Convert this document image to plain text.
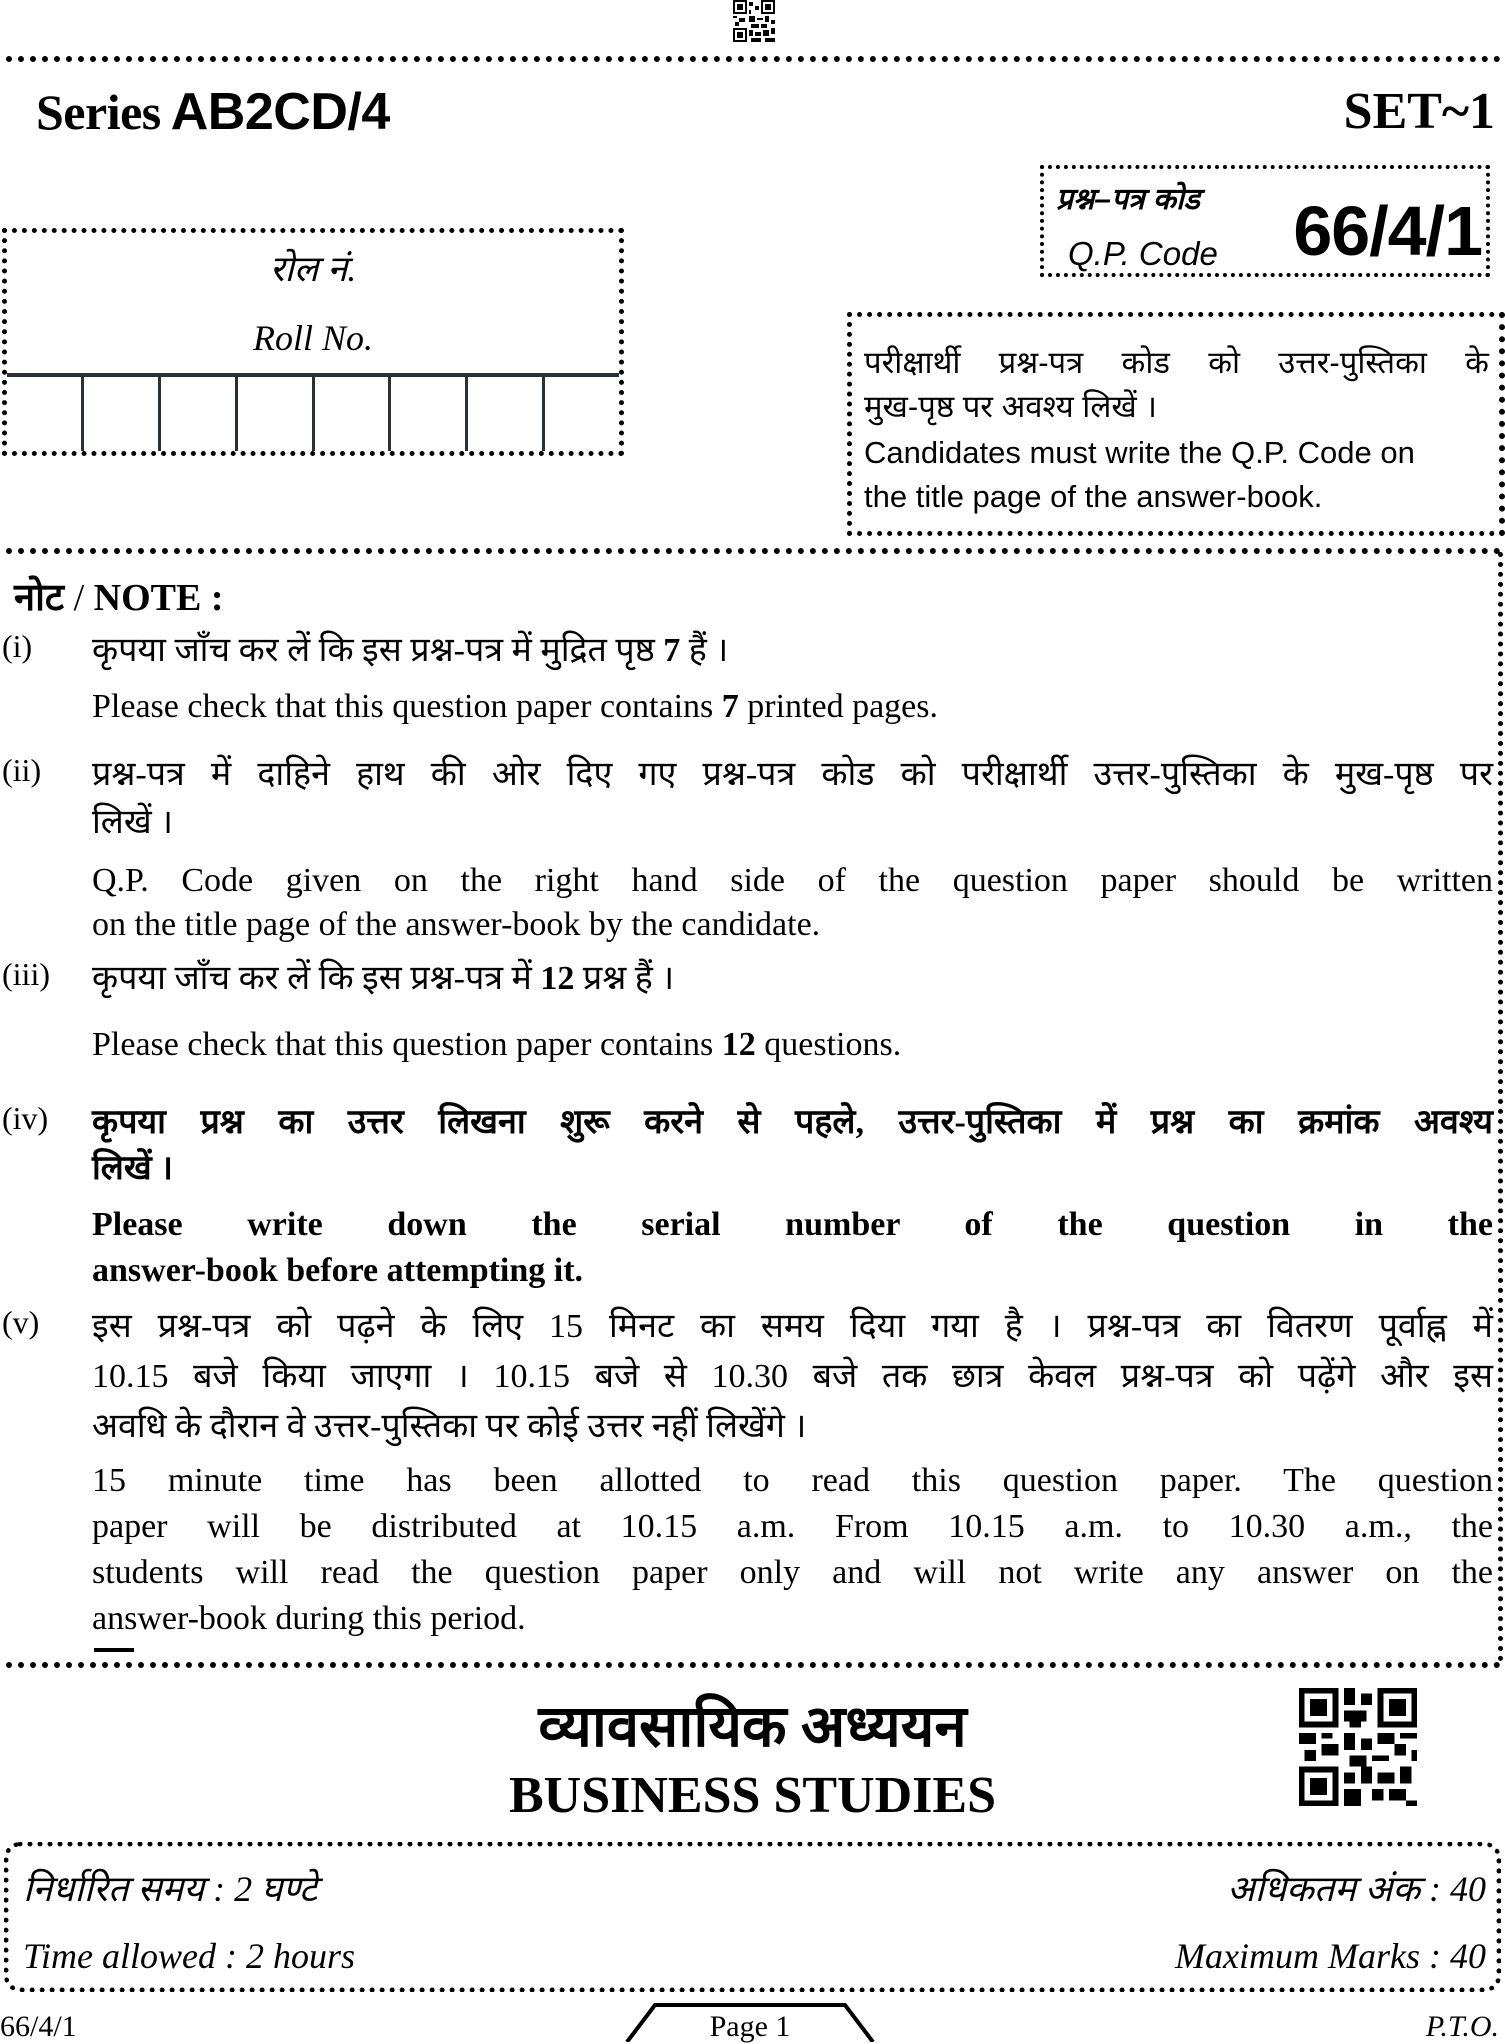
Series AB2CD/4	SET~1
प्रश्न–पत्र कोड
Q.P. Code 66/4/1
रोल नं.
Roll No.
परीक्षार्थी प्रश्न-पत्र कोड को उत्तर-पुस्तिका के
मुख-पृष्ठ पर अवश्य लिखें ।
Candidates must write the Q.P. Code on
the title page of the answer-book.
नोट / NOTE :
(i) कृपया जाँच कर लें कि इस प्रश्न-पत्र में मुद्रित पृष्ठ 7 हैं ।
Please check that this question paper contains 7 printed pages.
(ii) प्रश्न-पत्र में दाहिने हाथ की ओर दिए गए प्रश्न-पत्र कोड को परीक्षार्थी उत्तर-पुस्तिका के मुख-पृष्ठ पर
लिखें ।
Q.P. Code given on the right hand side of the question paper should be written
on the title page of the answer-book by the candidate.
(iii) कृपया जाँच कर लें कि इस प्रश्न-पत्र में 12 प्रश्न हैं ।
Please check that this question paper contains 12 questions.
(iv) कृपया प्रश्न का उत्तर लिखना शुरू करने से पहले, उत्तर-पुस्तिका में प्रश्न का क्रमांक अवश्य
लिखें ।
Please write down the serial number of the question in the
answer-book before attempting it.
(v) इस प्रश्न-पत्र को पढ़ने के लिए 15 मिनट का समय दिया गया है । प्रश्न-पत्र का वितरण पूर्वाह्न में
10.15 बजे किया जाएगा । 10.15 बजे से 10.30 बजे तक छात्र केवल प्रश्न-पत्र को पढ़ेंगे और इस
अवधि के दौरान वे उत्तर-पुस्तिका पर कोई उत्तर नहीं लिखेंगे ।
15 minute time has been allotted to read this question paper. The question
paper will be distributed at 10.15 a.m. From 10.15 a.m. to 10.30 a.m., the
students will read the question paper only and will not write any answer on the
answer-book during this period.
व्यावसायिक अध्ययन
BUSINESS STUDIES
निर्धारित समय : 2 घण्टे	अधिकतम अंक : 40
Time allowed : 2 hours	Maximum Marks : 40
66/4/1	Page 1	P.T.O.
